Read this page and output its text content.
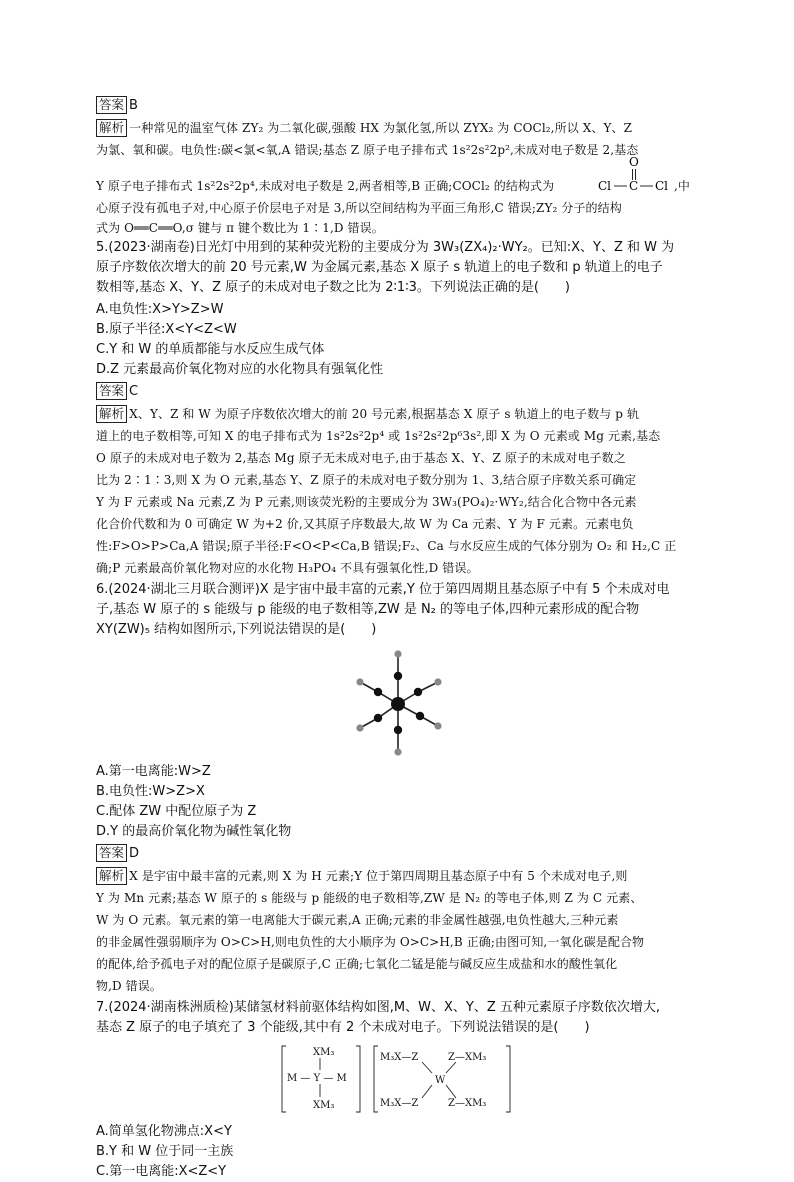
答案 B
解析 一种常见的温室气体 ZY₂ 为二氧化碳,强酸 HX 为氯化氢,所以 ZYX₂ 为 COCl₂,所以 X、Y、Z
为氯、氧和碳。电负性:碳<氯<氧,A 错误;基态 Z 原子电子排布式 1s²2s²2p²,未成对电子数是 2,基态
O
Cl C Cl
Y 原子电子排布式 1s²2s²2p⁴,未成对电子数是 2,两者相等,B 正确;COCl₂ 的结构式为	,中
心原子没有孤电子对,中心原子价层电子对是 3,所以空间结构为平面三角形,C 错误;ZY₂ 分子的结构
式为 O══C══O,σ 键与 π 键个数比为 1∶1,D 错误。
5.(2023·湖南卷)日光灯中用到的某种荧光粉的主要成分为 3W₃(ZX₄)₂·WY₂。已知:X、Y、Z 和 W 为
原子序数依次增大的前 20 号元素,W 为金属元素,基态 X 原子 s 轨道上的电子数和 p 轨道上的电子
数相等,基态 X、Y、Z 原子的未成对电子数之比为 2∶1∶3。下列说法正确的是(　　)
A.电负性:X>Y>Z>W
B.原子半径:X<Y<Z<W
C.Y 和 W 的单质都能与水反应生成气体
D.Z 元素最高价氧化物对应的水化物具有强氧化性
答案 C
解析 X、Y、Z 和 W 为原子序数依次增大的前 20 号元素,根据基态 X 原子 s 轨道上的电子数与 p 轨
道上的电子数相等,可知 X 的电子排布式为 1s²2s²2p⁴ 或 1s²2s²2p⁶3s²,即 X 为 O 元素或 Mg 元素,基态
O 原子的未成对电子数为 2,基态 Mg 原子无未成对电子,由于基态 X、Y、Z 原子的未成对电子数之
比为 2∶1∶3,则 X 为 O 元素,基态 Y、Z 原子的未成对电子数分别为 1、3,结合原子序数关系可确定
Y 为 F 元素或 Na 元素,Z 为 P 元素,则该荧光粉的主要成分为 3W₃(PO₄)₂·WY₂,结合化合物中各元素
化合价代数和为 0 可确定 W 为+2 价,又其原子序数最大,故 W 为 Ca 元素、Y 为 F 元素。元素电负
性:F>O>P>Ca,A 错误;原子半径:F<O<P<Ca,B 错误;F₂、Ca 与水反应生成的气体分别为 O₂ 和 H₂,C 正
确;P 元素最高价氧化物对应的水化物 H₃PO₄ 不具有强氧化性,D 错误。
6.(2024·湖北三月联合测评)X 是宇宙中最丰富的元素,Y 位于第四周期且基态原子中有 5 个未成对电
子,基态 W 原子的 s 能级与 p 能级的电子数相等,ZW 是 N₂ 的等电子体,四种元素形成的配合物
XY(ZW)₅ 结构如图所示,下列说法错误的是(　　)
A.第一电离能:W>Z
B.电负性:W>Z>X
C.配体 ZW 中配位原子为 Z
D.Y 的最高价氧化物为碱性氧化物
答案 D
解析 X 是宇宙中最丰富的元素,则 X 为 H 元素;Y 位于第四周期且基态原子中有 5 个未成对电子,则
Y 为 Mn 元素;基态 W 原子的 s 能级与 p 能级的电子数相等,ZW 是 N₂ 的等电子体,则 Z 为 C 元素、
W 为 O 元素。氧元素的第一电离能大于碳元素,A 正确;元素的非金属性越强,电负性越大,三种元素
的非金属性强弱顺序为 O>C>H,则电负性的大小顺序为 O>C>H,B 正确;由图可知,一氧化碳是配合物
的配体,给予孤电子对的配位原子是碳原子,C 正确;七氧化二锰是能与碱反应生成盐和水的酸性氧化
物,D 错误。
7.(2024·湖南株洲质检)某储氢材料前驱体结构如图,M、W、X、Y、Z 五种元素原子序数依次增大,
基态 Z 原子的电子填充了 3 个能级,其中有 2 个未成对电子。下列说法错误的是(　　)
XM₃
M — Y — M
XM₃
M₃X—Z	Z—XM₃
W
M₃X—Z	Z—XM₃
A.简单氢化物沸点:X<Y
B.Y 和 W 位于同一主族
C.第一电离能:X<Z<Y
